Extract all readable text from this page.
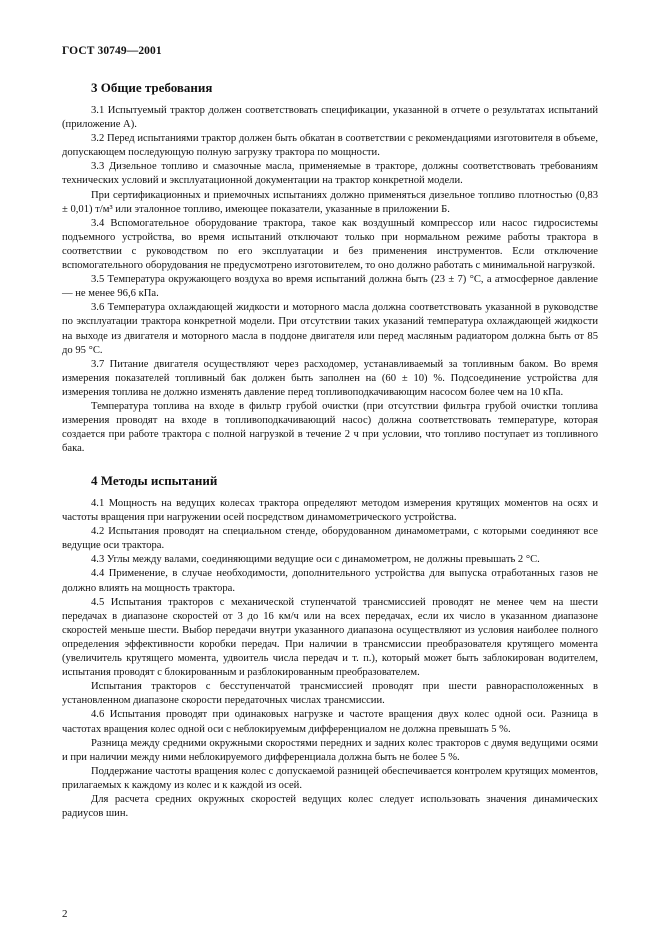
ГОСТ 30749—2001
3 Общие требования

3.1 Испытуемый трактор должен соответствовать спецификации, указанной в отчете о результатах испытаний (приложение А).

3.2 Перед испытаниями трактор должен быть обкатан в соответствии с рекомендациями изготовителя в объеме, допускающем последующую полную загрузку трактора по мощности.

3.3 Дизельное топливо и смазочные масла, применяемые в тракторе, должны соответствовать требованиям технических условий и эксплуатационной документации на трактор конкретной модели.

При сертификационных и приемочных испытаниях должно применяться дизельное топливо плотностью (0,83 ± 0,01) т/м³ или эталонное топливо, имеющее показатели, указанные в приложении Б.

3.4 Вспомогательное оборудование трактора, такое как воздушный компрессор или насос гидросистемы подъемного устройства, во время испытаний отключают только при нормальном режиме работы трактора в соответствии с руководством по его эксплуатации и без применения инструментов. Если отключение вспомогательного оборудования не предусмотрено изготовителем, то оно должно работать с минимальной нагрузкой.

3.5 Температура окружающего воздуха во время испытаний должна быть (23 ± 7) °С, а атмосферное давление — не менее 96,6 кПа.

3.6 Температура охлаждающей жидкости и моторного масла должна соответствовать указанной в руководстве по эксплуатации трактора конкретной модели. При отсутствии таких указаний температура охлаждающей жидкости на выходе из двигателя и моторного масла в поддоне двигателя или перед масляным радиатором должна быть от 85 до 95 °С.

3.7 Питание двигателя осуществляют через расходомер, устанавливаемый за топливным баком. Во время измерения показателей топливный бак должен быть заполнен на (60 ± 10) %. Подсоединение устройства для измерения топлива не должно изменять давление перед топливоподкачивающим насосом более чем на 10 кПа.

Температура топлива на входе в фильтр грубой очистки (при отсутствии фильтра грубой очистки топлива измерения проводят на входе в топливоподкачивающий насос) должна соответствовать температуре, которая создается при работе трактора с полной нагрузкой в течение 2 ч при условии, что топливо поступает из топливного бака.

4 Методы испытаний

4.1 Мощность на ведущих колесах трактора определяют методом измерения крутящих моментов на осях и частоты вращения при нагружении осей посредством динамометрического устройства.

4.2 Испытания проводят на специальном стенде, оборудованном динамометрами, с которыми соединяют все ведущие оси трактора.

4.3 Углы между валами, соединяющими ведущие оси с динамометром, не должны превышать 2 °С.

4.4 Применение, в случае необходимости, дополнительного устройства для выпуска отработанных газов не должно влиять на мощность трактора.

4.5 Испытания тракторов с механической ступенчатой трансмиссией проводят не менее чем на шести передачах в диапазоне скоростей от 3 до 16 км/ч или на всех передачах, если их число в указанном диапазоне скоростей меньше шести. Выбор передачи внутри указанного диапазона осуществляют из условия наиболее полного определения эффективности коробки передач. При наличии в трансмиссии преобразователя крутящего момента (увеличитель крутящего момента, удвоитель числа передач и т. п.), который может быть заблокирован водителем, испытания проводят с блокированным и разблокированным преобразователем.

Испытания тракторов с бесступенчатой трансмиссией проводят при шести равнорасположенных в установленном диапазоне скорости передаточных числах трансмиссии.

4.6 Испытания проводят при одинаковых нагрузке и частоте вращения двух колес одной оси. Разница в частотах вращения колес одной оси с неблокируемым дифференциалом не должна превышать 5 %.

Разница между средними окружными скоростями передних и задних колес тракторов с двумя ведущими осями и при наличии между ними неблокируемого дифференциала должна быть не более 5 %.

Поддержание частоты вращения колес с допускаемой разницей обеспечивается контролем крутящих моментов, прилагаемых к каждому из колес и к каждой из осей.

Для расчета средних окружных скоростей ведущих колес следует использовать значения динамических радиусов шин.

2
